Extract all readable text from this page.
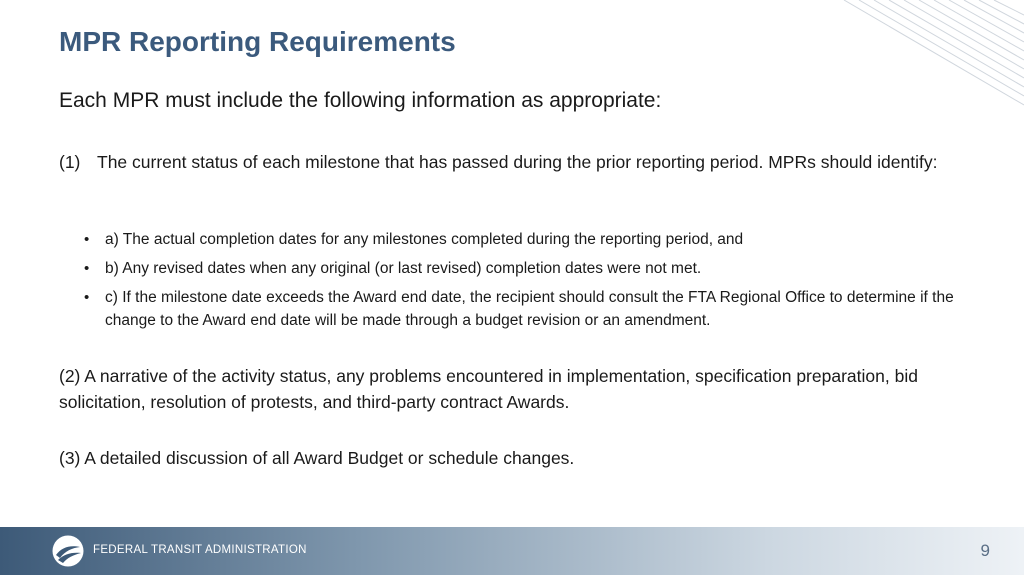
MPR Reporting Requirements
Each MPR must include the following information as appropriate:
(1) The current status of each milestone that has passed during the prior reporting period. MPRs should identify:
•	a) The actual completion dates for any milestones completed during the reporting period, and
•	b) Any revised dates when any original (or last revised) completion dates were not met.
•	c) If the milestone date exceeds the Award end date, the recipient should consult the FTA Regional Office to determine if the change to the Award end date will be made through a budget revision or an amendment.
(2) A narrative of the activity status, any problems encountered in implementation, specification preparation, bid solicitation, resolution of protests, and third-party contract Awards.
(3) A detailed discussion of all Award Budget or schedule changes.
FEDERAL TRANSIT ADMINISTRATION	9
